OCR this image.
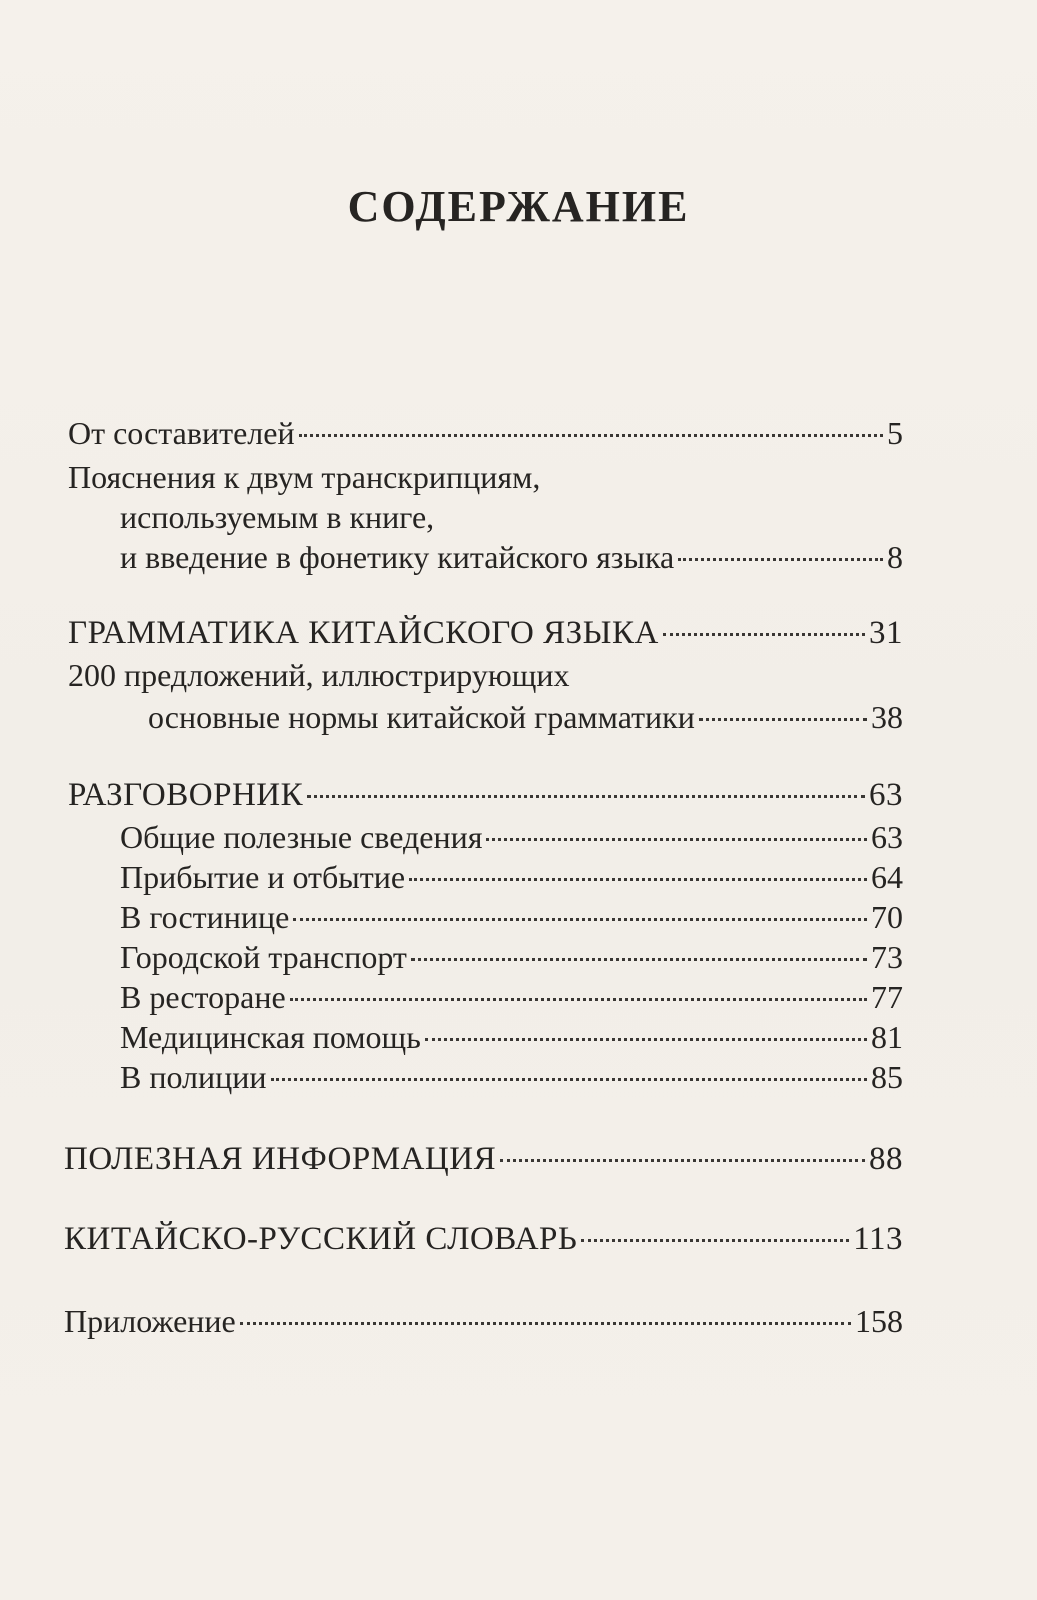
СОДЕРЖАНИЕ
От составителей	5
Пояснения к двум транскрипциям,
используемым в книге,
и введение в фонетику китайского языка	8
ГРАММАТИКА КИТАЙСКОГО ЯЗЫКА	31
200 предложений, иллюстрирующих
основные нормы китайской грамматики	38
РАЗГОВОРНИК	63
Общие полезные сведения	63
Прибытие и отбытие	64
В гостинице	70
Городской транспорт	73
В ресторане	77
Медицинская помощь	81
В полиции	85
ПОЛЕЗНАЯ ИНФОРМАЦИЯ	88
КИТАЙСКО-РУССКИЙ СЛОВАРЬ	113
Приложение	158
